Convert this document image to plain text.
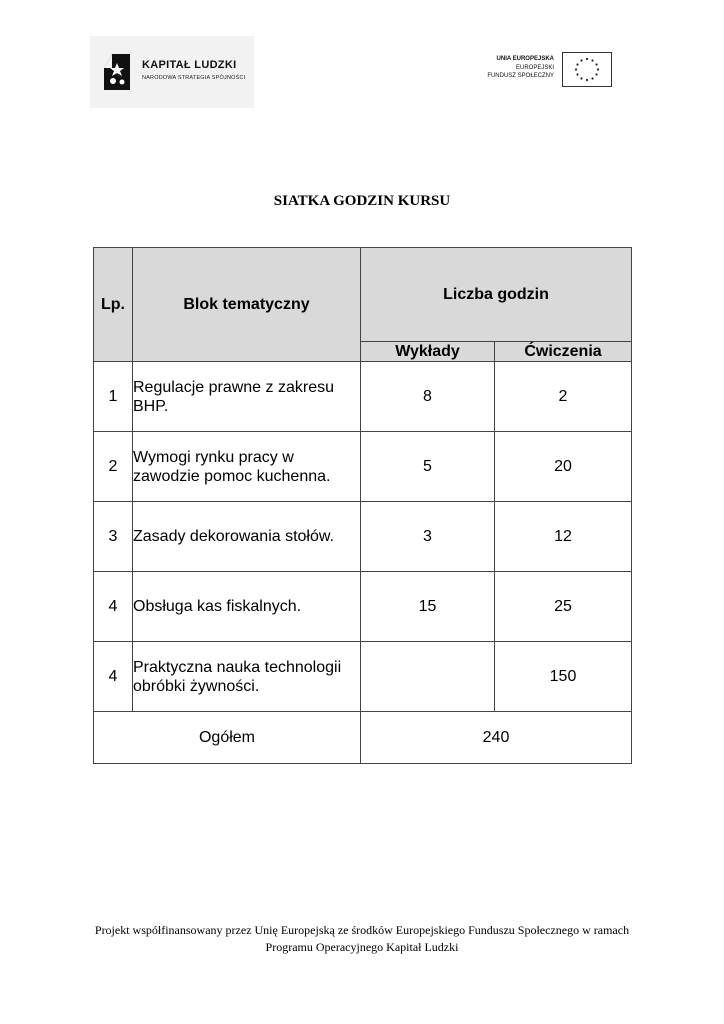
KAPITAŁ LUDZKI
NARODOWA STRATEGIA SPÓJNOŚCI
UNIA EUROPEJSKA
EUROPEJSKI
FUNDUSZ SPOŁECZNY
SIATKA GODZIN KURSU
Lp.	Blok tematyczny	Liczba godzin	
		Wykłady	Ćwiczenia
1	Regulacje prawne z zakresu BHP.	8	2
2	Wymogi rynku pracy w zawodzie pomoc kuchenna.	5	20
3	Zasady dekorowania stołów.	3	12
4	Obsługa kas fiskalnych.	15	25
4	Praktyczna nauka technologii obróbki żywności.		150
Ogółem		240	
Projekt współfinansowany przez Unię Europejską ze środków Europejskiego Funduszu Społecznego w ramach
Programu Operacyjnego Kapitał Ludzki
